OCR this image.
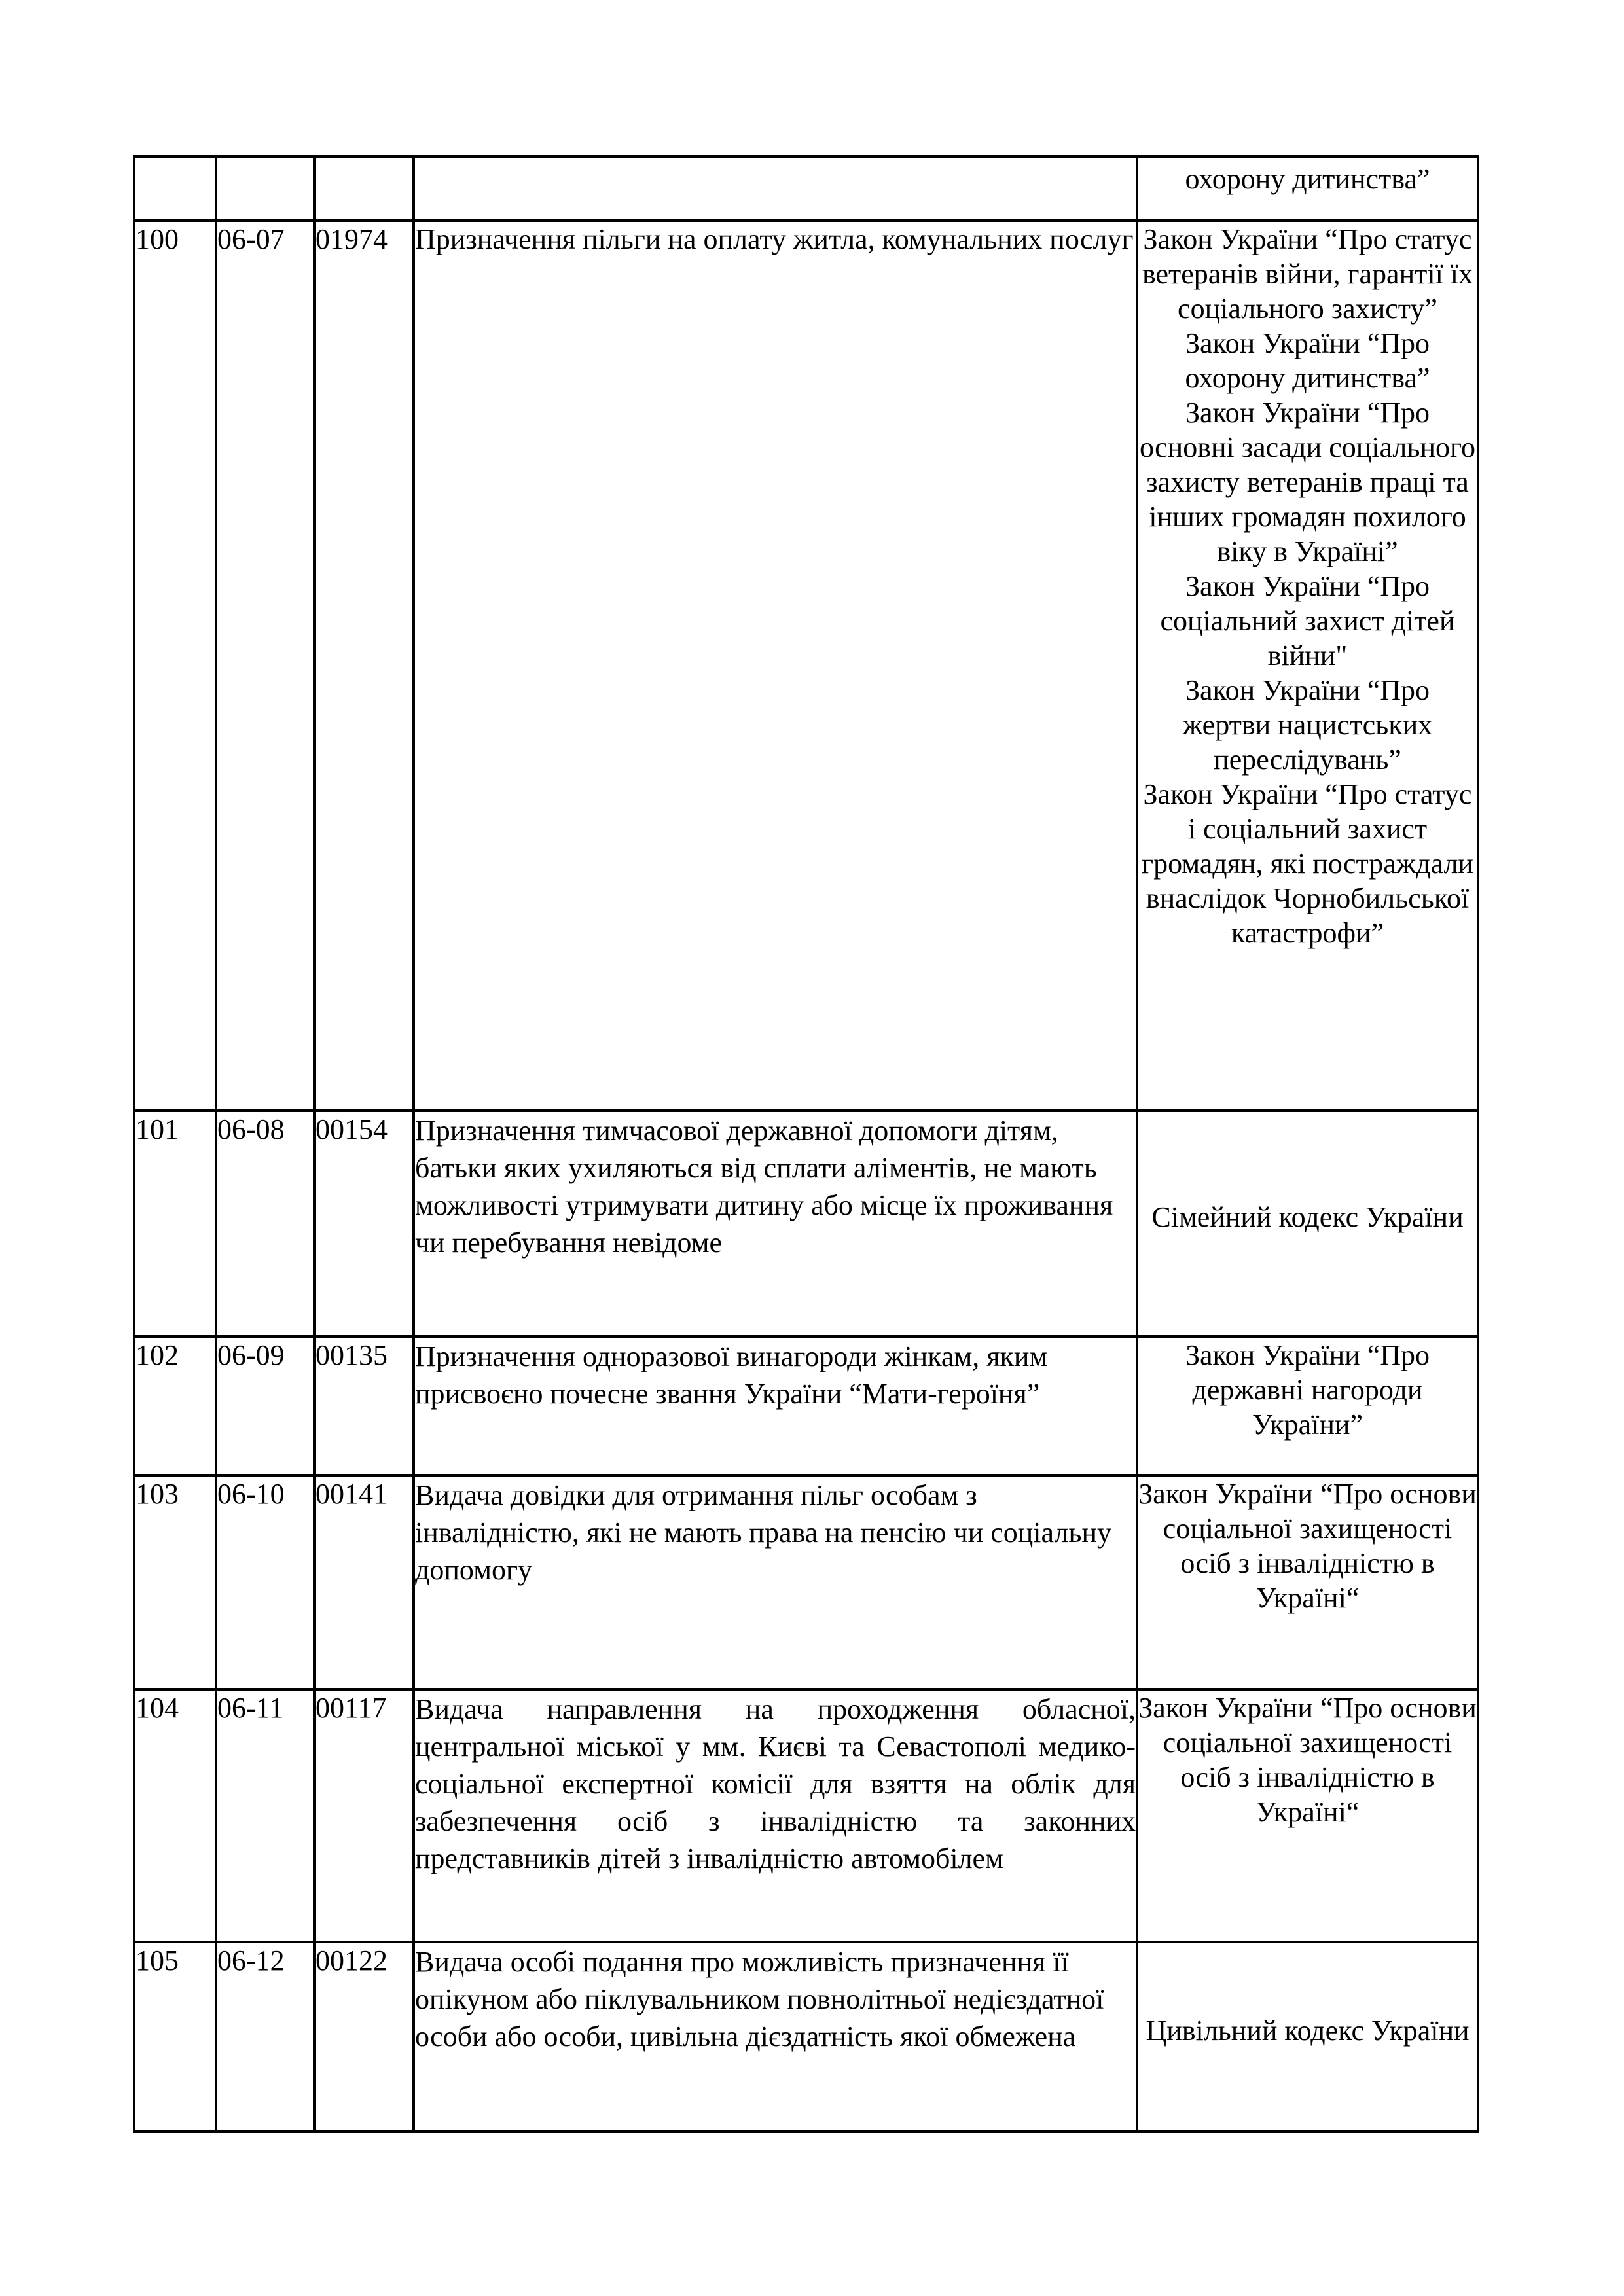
				охорону дитинства”

100	06-07	01974	Призначення пільги на оплату житла, комунальних послуг	Закон України “Про статус ветеранів війни, гарантії їх соціального захисту”
Закон України “Про охорону дитинства”
Закон України “Про основні засади соціального захисту ветеранів праці та інших громадян похилого віку в Україні”
Закон України “Про соціальний захист дітей війни"
Закон України “Про жертви нацистських переслідувань”
Закон України “Про статус і соціальний захист громадян, які постраждали внаслідок Чорнобильської катастрофи”

101	06-08	00154	Призначення тимчасової державної допомоги дітям, батьки яких ухиляються від сплати аліментів, не мають можливості утримувати дитину або місце їх проживання чи перебування невідоме	Сімейний кодекс України

102	06-09	00135	Призначення одноразової винагороди жінкам, яким присвоєно почесне звання України “Мати-героїня”	Закон України “Про державні нагороди України”

103	06-10	00141	Видача довідки для отримання пільг особам з інвалідністю, які не мають права на пенсію чи соціальну допомогу	Закон України “Про основи соціальної захищеності осіб з інвалідністю в Україні“

104	06-11	00117	Видача направлення на проходження обласної, центральної міської у мм. Києві та Севастополі медико-соціальної експертної комісії для взяття на облік для забезпечення осіб з інвалідністю та законних представників дітей з інвалідністю автомобілем	Закон України “Про основи соціальної захищеності осіб з інвалідністю в Україні“

105	06-12	00122	Видача особі подання про можливість призначення її опікуном або піклувальником повнолітньої недієздатної особи або особи, цивільна дієздатність якої обмежена	Цивільний кодекс України
